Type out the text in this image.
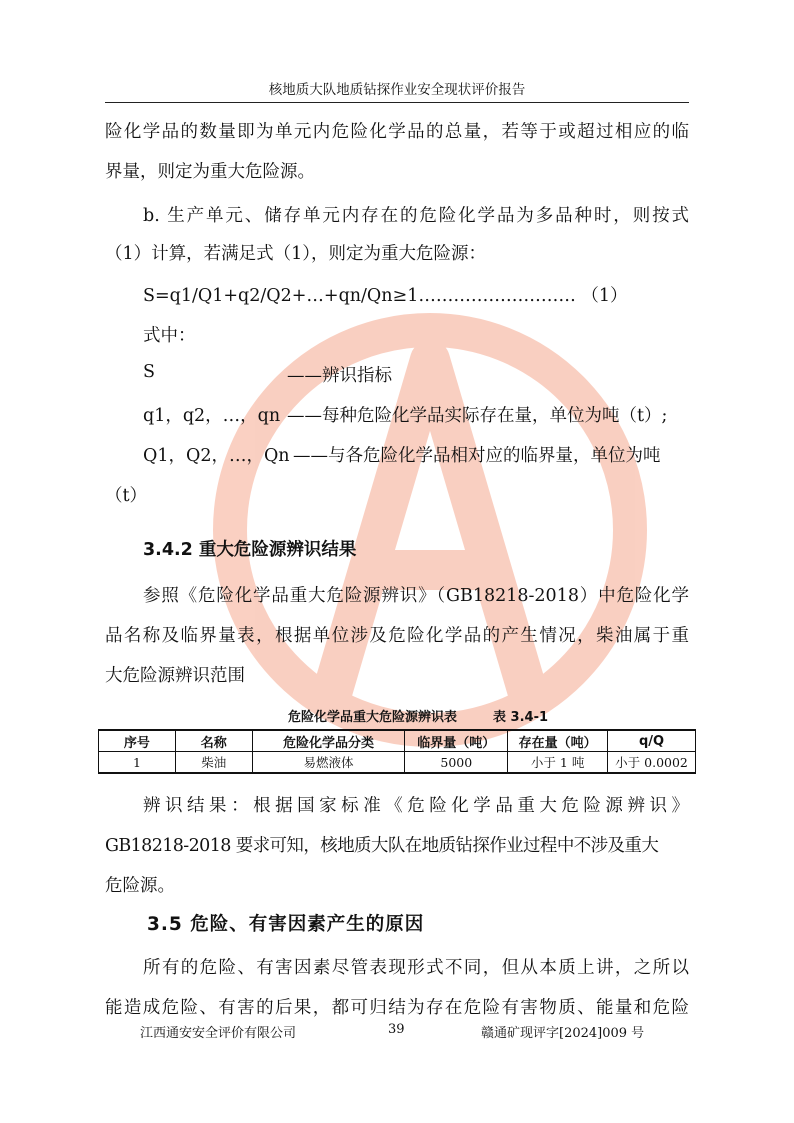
核地质大队地质钻探作业安全现状评价报告
险化学品的数量即为单元内危险化学品的总量，若等于或超过相应的临
界量，则定为重大危险源。
b. 生产单元、储存单元内存在的危险化学品为多品种时，则按式
（1）计算，若满足式（1），则定为重大危险源：
S=q1/Q1+q2/Q2+…+qn/Qn≥1……………………… （1）
式中：
S	——辨识指标
q1，q2，…，qn ——每种危险化学品实际存在量，单位为吨（t）;
Q1，Q2，…，Qn ——与各危险化学品相对应的临界量，单位为吨
（t）
3.4.2 重大危险源辨识结果
参照《危险化学品重大危险源辨识》（GB18218-2018）中危险化学
品名称及临界量表，根据单位涉及危险化学品的产生情况，柴油属于重
大危险源辨识范围
危险化学品重大危险源辨识表	表 3.4-1
序号	名称	危险化学品分类	临界量（吨）	存在量（吨）	q/Q
1	柴油	易燃液体	5000	小于 1 吨	小于 0.0002
辨识结果：根据国家标准《危险化学品重大危险源辨识》
GB18218-2018 要求可知，核地质大队在地质钻探作业过程中不涉及重大
危险源。
3.5 危险、有害因素产生的原因
所有的危险、有害因素尽管表现形式不同，但从本质上讲，之所以
能造成危险、有害的后果，都可归结为存在危险有害物质、能量和危险
江西通安安全评价有限公司	39	赣通矿现评字[2024]009 号
